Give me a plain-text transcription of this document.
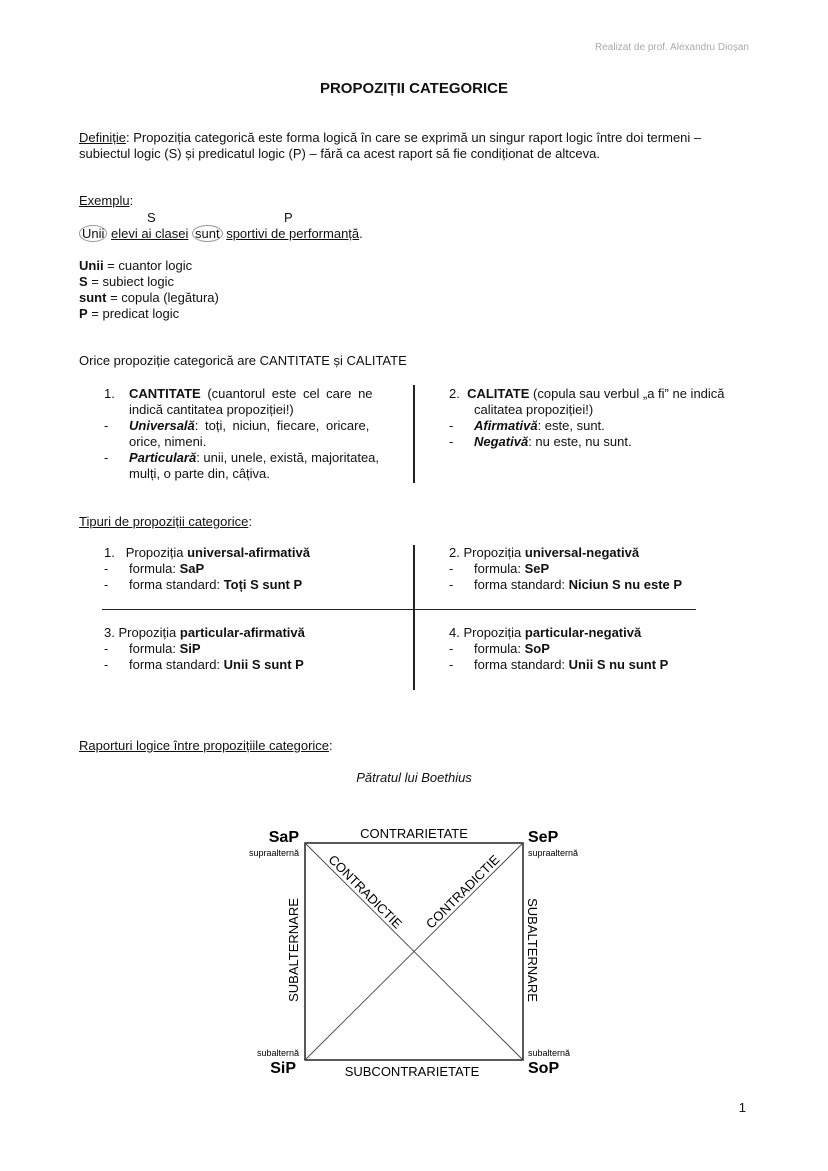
Realizat de prof. Alexandru Dioșan
PROPOZIȚII CATEGORICE
Definiție: Propoziția categorică este forma logică în care se exprimă un singur raport logic între doi termeni –
subiectul logic (S) și predicatul logic (P) – fără ca acest raport să fie condiționat de altceva.
Exemplu:
S	P
Unii elevi ai clasei sunt sportivi de performanță.
Unii = cuantor logic
S = subiect logic
sunt = copula (legătura)
P = predicat logic
Orice propoziție categorică are CANTITATE și CALITATE
1. CANTITATE (cuantorul este cel care ne
indică cantitatea propoziției!)
- Universală: toți, niciun, fiecare, oricare,
orice, nimeni.
- Particulară: unii, unele, există, majoritatea,
mulți, o parte din, câțiva.
2. CALITATE (copula sau verbul „a fi” ne indică
calitatea propoziției!)
- Afirmativă: este, sunt.
- Negativă: nu este, nu sunt.
Tipuri de propoziții categorice:
1. Propoziția universal-afirmativă
- formula: SaP
- forma standard: Toți S sunt P
2. Propoziția universal-negativă
- formula: SeP
- forma standard: Niciun S nu este P
3. Propoziția particular-afirmativă
- formula: SiP
- forma standard: Unii S sunt P
4. Propoziția particular-negativă
- formula: SoP
- forma standard: Unii S nu sunt P
Raporturi logice între propozițiile categorice:
Pătratul lui Boethius
SaP
supraalternă
SeP
supraalternă
subalternă
SiP
subalternă
SoP
CONTRARIETATE
SUBCONTRARIETATE
SUBALTERNARE	SUBALTERNARE
CONTRADICTIE CONTRADICTIE
1
